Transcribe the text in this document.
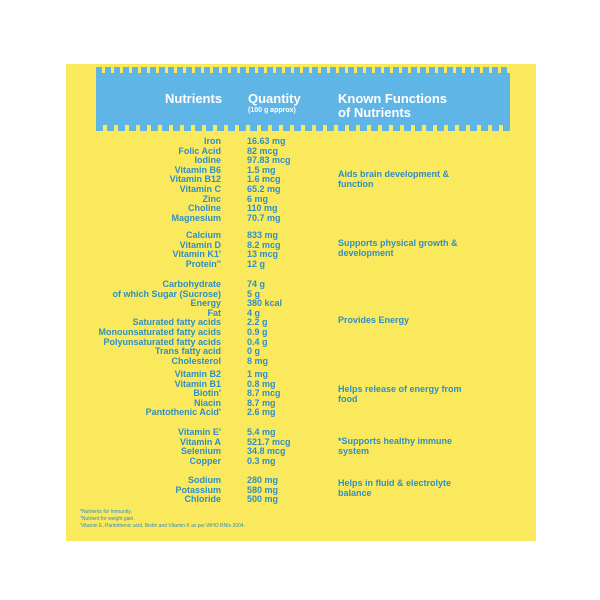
Nutrients Quantity
(100 g approx)
Known Functions of Nutrients
Iron	16.63 mg
Folic Acid	82 mcg
Iodine	97.83 mcg
Vitamin B6	1.5 mg
Vitamin B12	1.6 mcg
Vitamin C	65.2 mg
Zinc	6 mg
Choline	110 mg
Magnesium	70.7 mg
Aids brain development & function
Calcium	833 mg
Vitamin D	8.2 mcg
Vitamin K1'	13 mcg
Protein''	12 g
Supports physical growth & development
Carbohydrate	74 g
of which Sugar (Sucrose)	5 g
Energy	380 kcal
Fat	4 g
Saturated fatty acids	2.2 g
Monounsaturated fatty acids	0.9 g
Polyunsaturated fatty acids	0.4 g
Trans fatty acid	0 g
Cholesterol	8 mg
Provides Energy
Vitamin B2	1 mg
Vitamin B1	0.8 mg
Biotin'	8.7 mcg
Niacin	8.7 mg
Pantothenic Acid'	2.6 mg
Helps release of energy from food
Vitamin E'	5.4 mg
Vitamin A	521.7 mcg
Selenium	34.8 mcg
Copper	0.3 mg
*Supports healthy immune system
Sodium	280 mg
Potassium	580 mg
Chloride	500 mg
Helps in fluid & electrolyte balance
*Nutrients for Immunity.
''Nutrient for weight gain.
'Vitamin E, Pantothenic acid, Biotin and Vitamin K as per WHO RNIs 2004.
